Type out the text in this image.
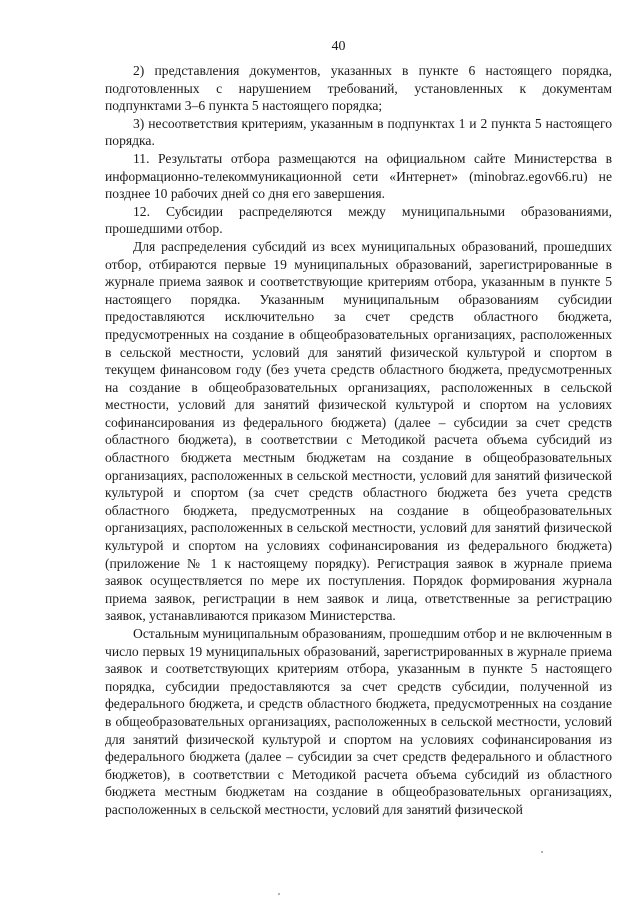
40

2) представления документов, указанных в пункте 6 настоящего порядка, подготовленных с нарушением требований, установленных к документам подпунктами 3–6 пункта 5 настоящего порядка;

3) несоответствия критериям, указанным в подпунктах 1 и 2 пункта 5 настоящего порядка.

11. Результаты отбора размещаются на официальном сайте Министерства в информационно-телекоммуникационной сети «Интернет» (minobraz.egov66.ru) не позднее 10 рабочих дней со дня его завершения.

12. Субсидии распределяются между муниципальными образованиями, прошедшими отбор.

Для распределения субсидий из всех муниципальных образований, прошедших отбор, отбираются первые 19 муниципальных образований, зарегистрированные в журнале приема заявок и соответствующие критериям отбора, указанным в пункте 5 настоящего порядка. Указанным муниципальным образованиям субсидии предоставляются исключительно за счет средств областного бюджета, предусмотренных на создание в общеобразовательных организациях, расположенных в сельской местности, условий для занятий физической культурой и спортом в текущем финансовом году (без учета средств областного бюджета, предусмотренных на создание в общеобразовательных организациях, расположенных в сельской местности, условий для занятий физической культурой и спортом на условиях софинансирования из федерального бюджета) (далее – субсидии за счет средств областного бюджета), в соответствии с Методикой расчета объема субсидий из областного бюджета местным бюджетам на создание в общеобразовательных организациях, расположенных в сельской местности, условий для занятий физической культурой и спортом (за счет средств областного бюджета без учета средств областного бюджета, предусмотренных на создание в общеобразовательных организациях, расположенных в сельской местности, условий для занятий физической культурой и спортом на условиях софинансирования из федерального бюджета) (приложение № 1 к настоящему порядку). Регистрация заявок в журнале приема заявок осуществляется по мере их поступления. Порядок формирования журнала приема заявок, регистрации в нем заявок и лица, ответственные за регистрацию заявок, устанавливаются приказом Министерства.

Остальным муниципальным образованиям, прошедшим отбор и не включенным в число первых 19 муниципальных образований, зарегистрированных в журнале приема заявок и соответствующих критериям отбора, указанным в пункте 5 настоящего порядка, субсидии предоставляются за счет средств субсидии, полученной из федерального бюджета, и средств областного бюджета, предусмотренных на создание в общеобразовательных организациях, расположенных в сельской местности, условий для занятий физической культурой и спортом на условиях софинансирования из федерального бюджета (далее – субсидии за счет средств федерального и областного бюджетов), в соответствии с Методикой расчета объема субсидий из областного бюджета местным бюджетам на создание в общеобразовательных организациях, расположенных в сельской местности, условий для занятий физической
